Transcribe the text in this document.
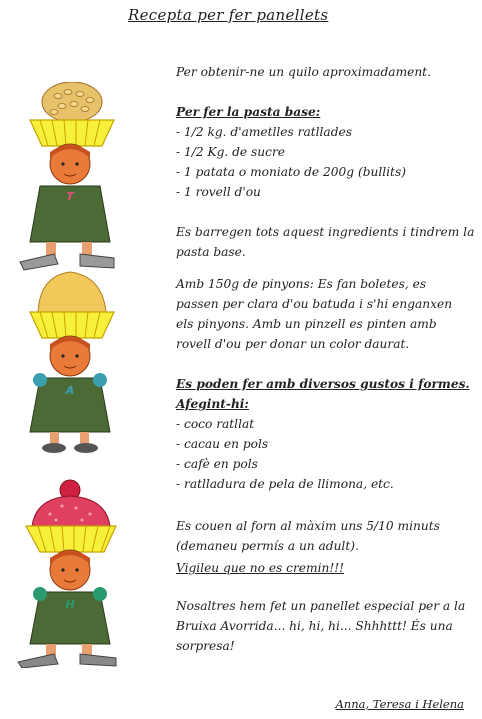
Recepta per fer panellets
T
A
H
Per obtenir-ne un quilo aproximadament.
Per fer la pasta base:
- 1/2 kg. d'ametlles ratllades
- 1/2 Kg. de sucre
- 1 patata o moniato de 200g (bullits)
- 1 rovell d'ou
Es barregen tots aquest ingredients i tindrem la
pasta base.
Amb 150g de pinyons: Es fan boletes, es
passen per clara d'ou batuda i s'hi enganxen
els pinyons. Amb un pinzell es pinten amb
rovell d'ou per donar un color daurat.
Es poden fer amb diversos gustos i formes.
Afegint-hi:
- coco ratllat
- cacau en pols
- cafè en pols
- ratlladura de pela de llimona, etc.
Es couen al forn al màxim uns 5/10 minuts
(demaneu permís a un adult).
Vigileu que no es cremin!!!
Nosaltres hem fet un panellet especial per a la
Bruixa Avorrida... hi, hi, hi... Shhhttt! És una
sorpresa!
Anna, Teresa i Helena
